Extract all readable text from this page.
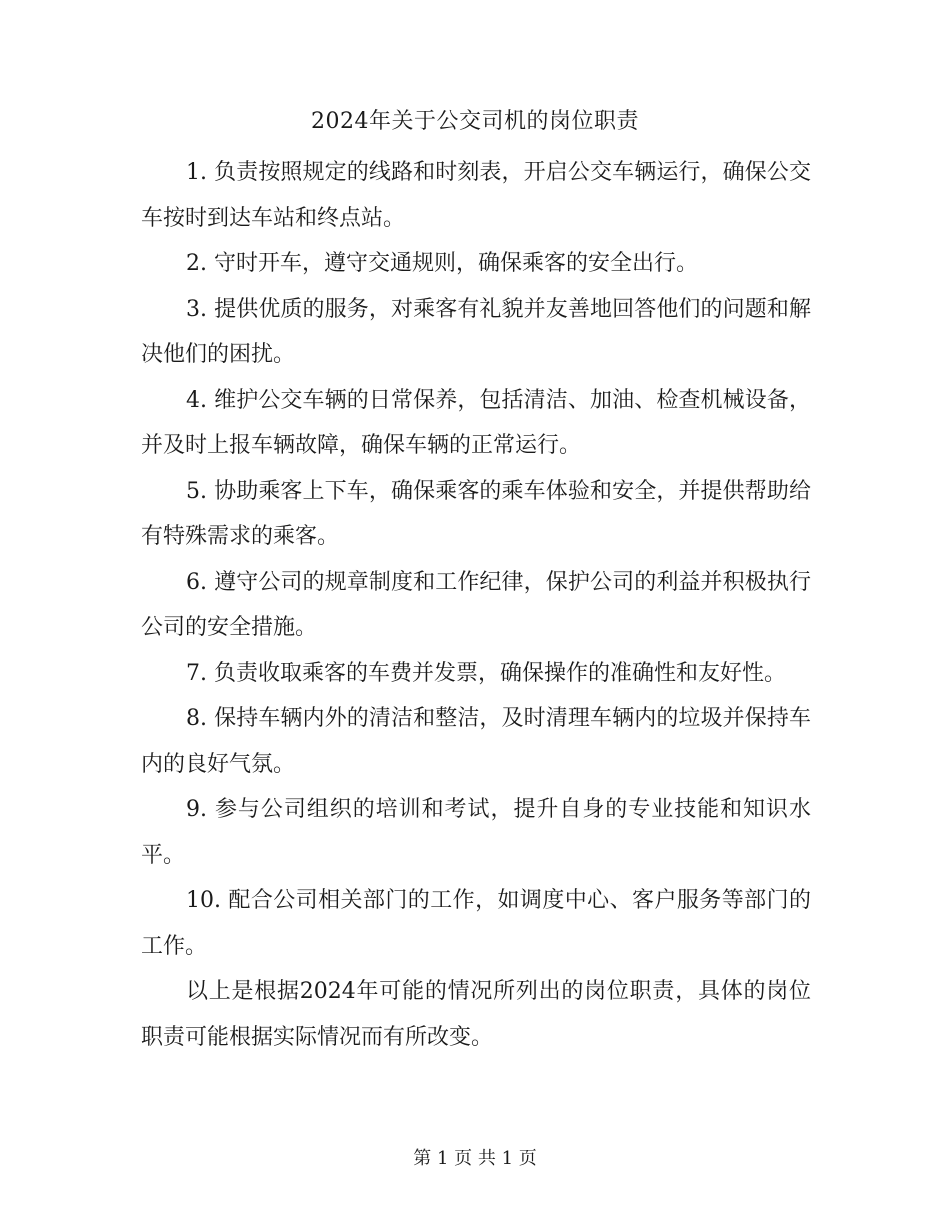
2024年关于公交司机的岗位职责

1. 负责按照规定的线路和时刻表，开启公交车辆运行，确保公交车按时到达车站和终点站。

2. 守时开车，遵守交通规则，确保乘客的安全出行。

3. 提供优质的服务，对乘客有礼貌并友善地回答他们的问题和解决他们的困扰。

4. 维护公交车辆的日常保养，包括清洁、加油、检查机械设备，并及时上报车辆故障，确保车辆的正常运行。

5. 协助乘客上下车，确保乘客的乘车体验和安全，并提供帮助给有特殊需求的乘客。

6. 遵守公司的规章制度和工作纪律，保护公司的利益并积极执行公司的安全措施。

7. 负责收取乘客的车费并发票，确保操作的准确性和友好性。

8. 保持车辆内外的清洁和整洁，及时清理车辆内的垃圾并保持车内的良好气氛。

9. 参与公司组织的培训和考试，提升自身的专业技能和知识水平。

10. 配合公司相关部门的工作，如调度中心、客户服务等部门的工作。

以上是根据2024年可能的情况所列出的岗位职责，具体的岗位职责可能根据实际情况而有所改变。

第 1 页 共 1 页
